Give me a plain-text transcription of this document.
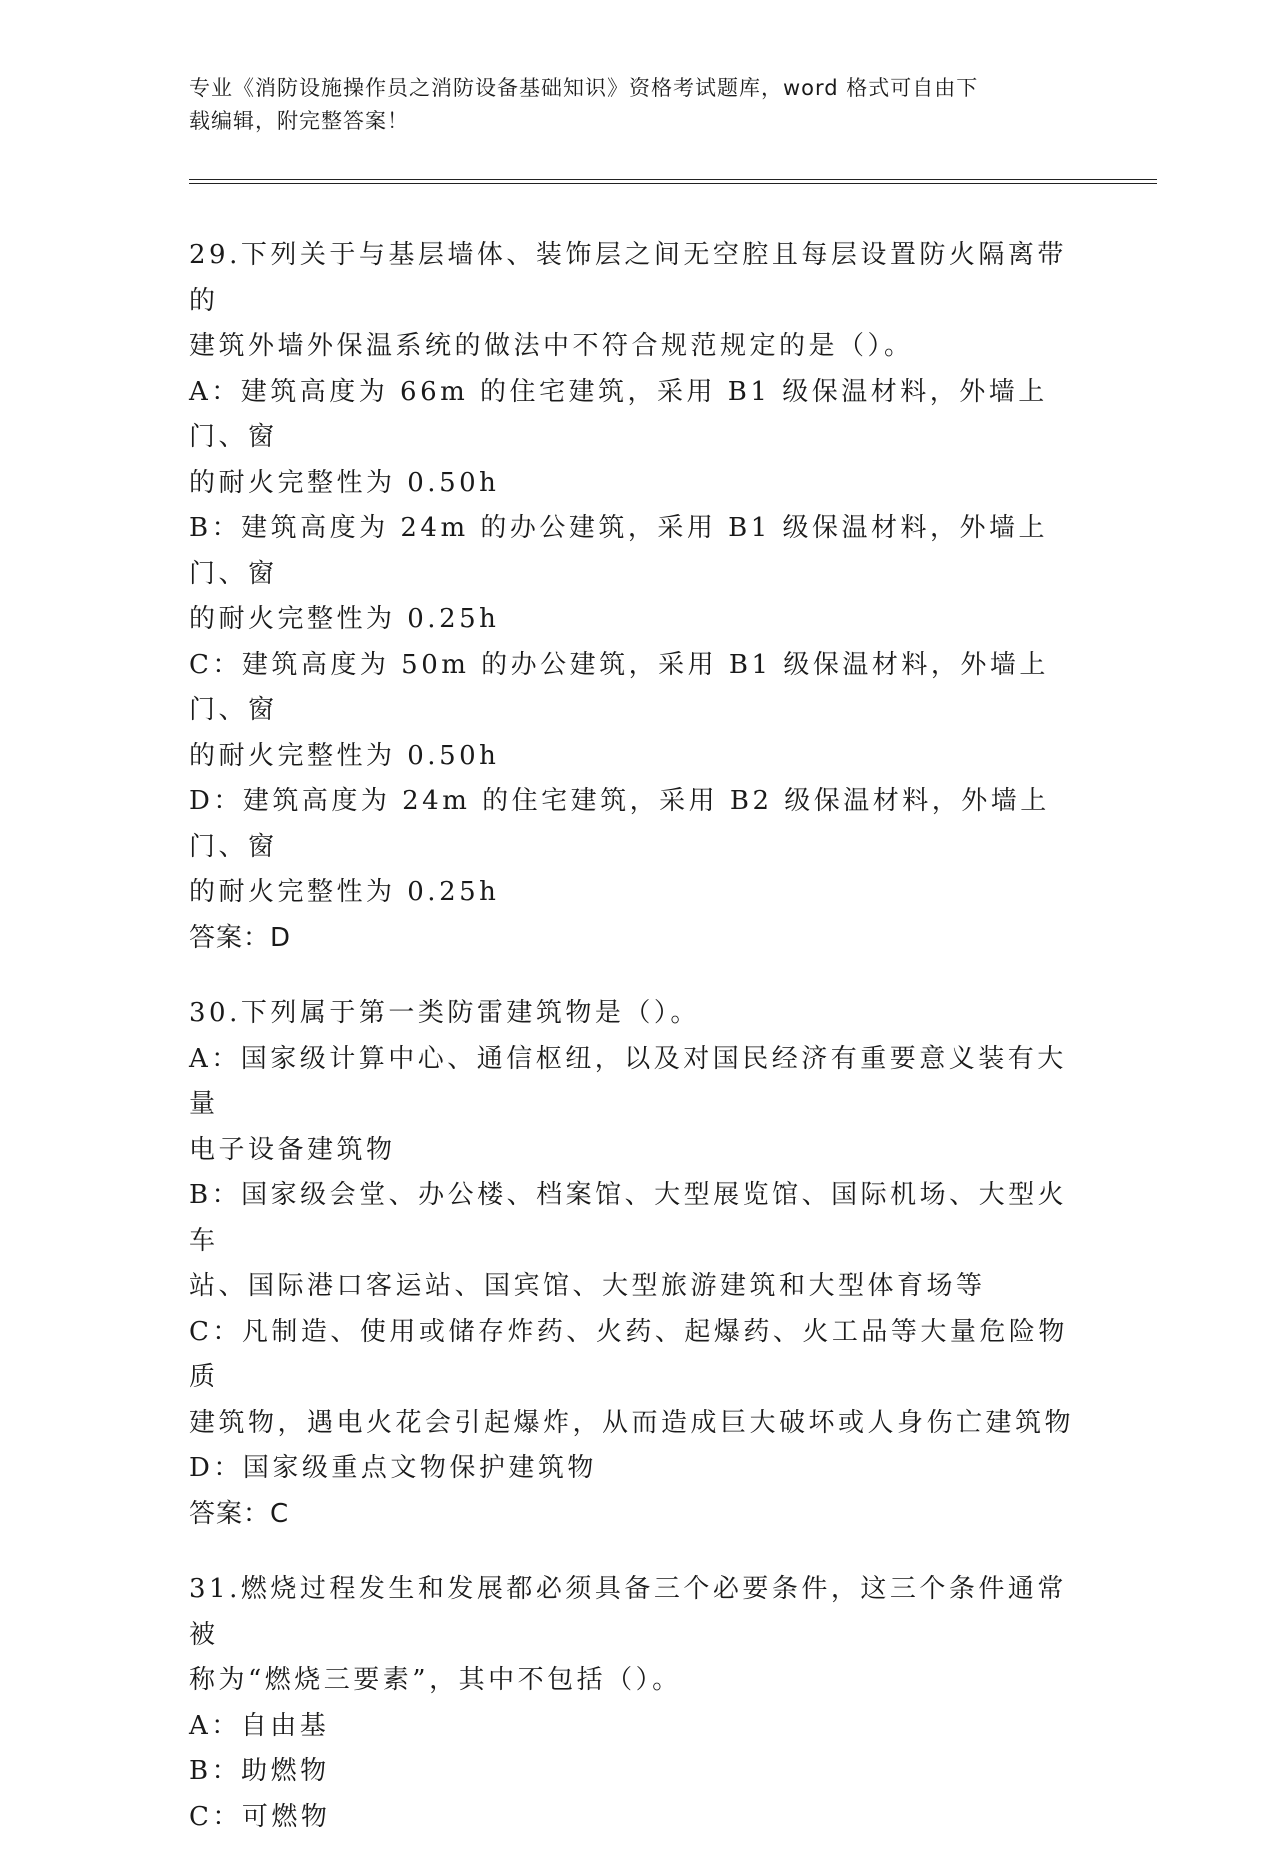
专业《消防设施操作员之消防设备基础知识》资格考试题库，word 格式可自由下
载编辑，附完整答案！
29.下列关于与基层墙体、装饰层之间无空腔且每层设置防火隔离带的
建筑外墙外保温系统的做法中不符合规范规定的是（）。
A：建筑高度为 66m 的住宅建筑，采用 B1 级保温材料，外墙上门、窗
的耐火完整性为 0.50h
B：建筑高度为 24m 的办公建筑，采用 B1 级保温材料，外墙上门、窗
的耐火完整性为 0.25h
C：建筑高度为 50m 的办公建筑，采用 B1 级保温材料，外墙上门、窗
的耐火完整性为 0.50h
D：建筑高度为 24m 的住宅建筑，采用 B2 级保温材料，外墙上门、窗
的耐火完整性为 0.25h
答案：D
30.下列属于第一类防雷建筑物是（）。
A：国家级计算中心、通信枢纽，以及对国民经济有重要意义装有大量
电子设备建筑物
B：国家级会堂、办公楼、档案馆、大型展览馆、国际机场、大型火车
站、国际港口客运站、国宾馆、大型旅游建筑和大型体育场等
C：凡制造、使用或储存炸药、火药、起爆药、火工品等大量危险物质
建筑物，遇电火花会引起爆炸，从而造成巨大破坏或人身伤亡建筑物
D：国家级重点文物保护建筑物
答案：C
31.燃烧过程发生和发展都必须具备三个必要条件，这三个条件通常被
称为“燃烧三要素”，其中不包括（）。
A：自由基
B：助燃物
C：可燃物
